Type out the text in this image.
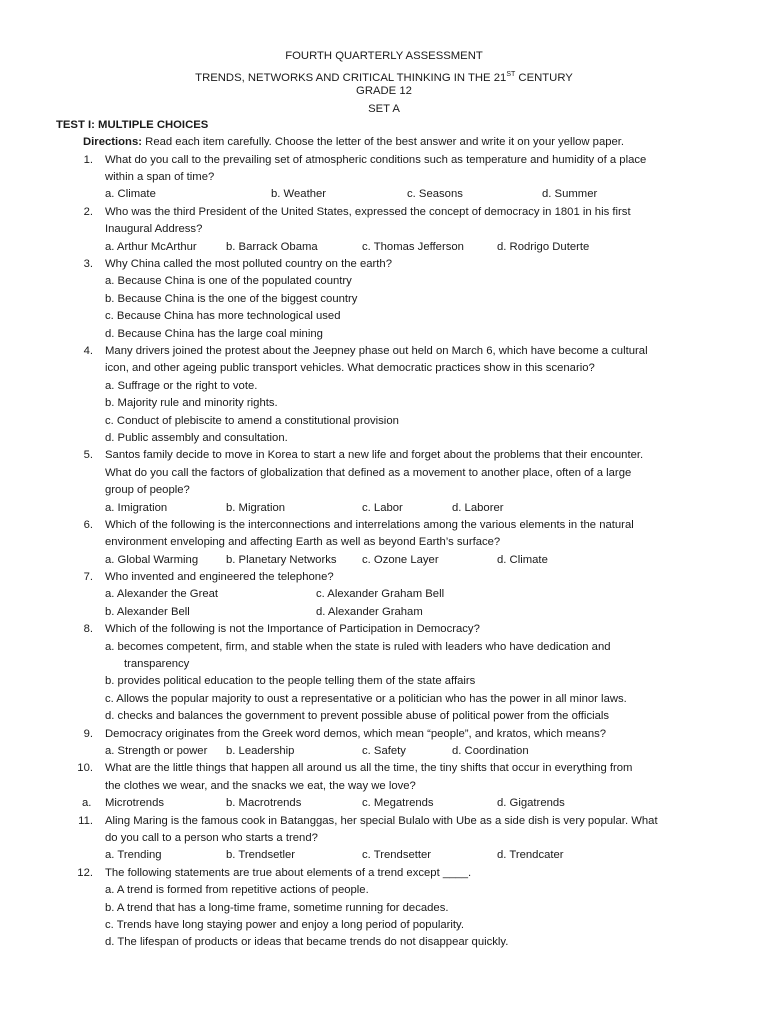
FOURTH QUARTERLY ASSESSMENT
TRENDS, NETWORKS AND CRITICAL THINKING IN THE 21ST CENTURY
GRADE 12
SET A
TEST I: MULTIPLE CHOICES
Directions: Read each item carefully. Choose the letter of the best answer and write it on your yellow paper.
1. What do you call to the prevailing set of atmospheric conditions such as temperature and humidity of a place
within a span of time?
a. Climate	b. Weather	c. Seasons	d. Summer
2. Who was the third President of the United States, expressed the concept of democracy in 1801 in his first
Inaugural Address?
a. Arthur McArthur	b. Barrack Obama	c. Thomas Jefferson	d. Rodrigo Duterte
3. Why China called the most polluted country on the earth?
a. Because China is one of the populated country
b. Because China is the one of the biggest country
c. Because China has more technological used
d. Because China has the large coal mining
4. Many drivers joined the protest about the Jeepney phase out held on March 6, which have become a cultural
icon, and other ageing public transport vehicles. What democratic practices show in this scenario?
a. Suffrage or the right to vote.
b. Majority rule and minority rights.
c. Conduct of plebiscite to amend a constitutional provision
d. Public assembly and consultation.
5. Santos family decide to move in Korea to start a new life and forget about the problems that their encounter.
What do you call the factors of globalization that defined as a movement to another place, often of a large
group of people?
a. Imigration	b. Migration	c. Labor	d. Laborer
6. Which of the following is the interconnections and interrelations among the various elements in the natural
environment enveloping and affecting Earth as well as beyond Earth’s surface?
a. Global Warming b. Planetary Networks c. Ozone Layer	d. Climate
7. Who invented and engineered the telephone?
a. Alexander the Great	c. Alexander Graham Bell
b. Alexander Bell	d. Alexander Graham
8. Which of the following is not the Importance of Participation in Democracy?
a. becomes competent, firm, and stable when the state is ruled with leaders who have dedication and
transparency
b. provides political education to the people telling them of the state affairs
c. Allows the popular majority to oust a representative or a politician who has the power in all minor laws.
d. checks and balances the government to prevent possible abuse of political power from the officials
9. Democracy originates from the Greek word demos, which mean “people”, and kratos, which means?
a. Strength or power b. Leadership	c. Safety	d. Coordination
10. What are the little things that happen all around us all the time, the tiny shifts that occur in everything from
the clothes we wear, and the snacks we eat, the way we love?
a. Microtrends	b. Macrotrends	c. Megatrends	d. Gigatrends
11. Aling Maring is the famous cook in Batanggas, her special Bulalo with Ube as a side dish is very popular. What
do you call to a person who starts a trend?
a. Trending	b. Trendsetler	c. Trendsetter	d. Trendcater
12. The following statements are true about elements of a trend except ____.
a. A trend is formed from repetitive actions of people.
b. A trend that has a long-time frame, sometime running for decades.
c. Trends have long staying power and enjoy a long period of popularity.
d. The lifespan of products or ideas that became trends do not disappear quickly.
